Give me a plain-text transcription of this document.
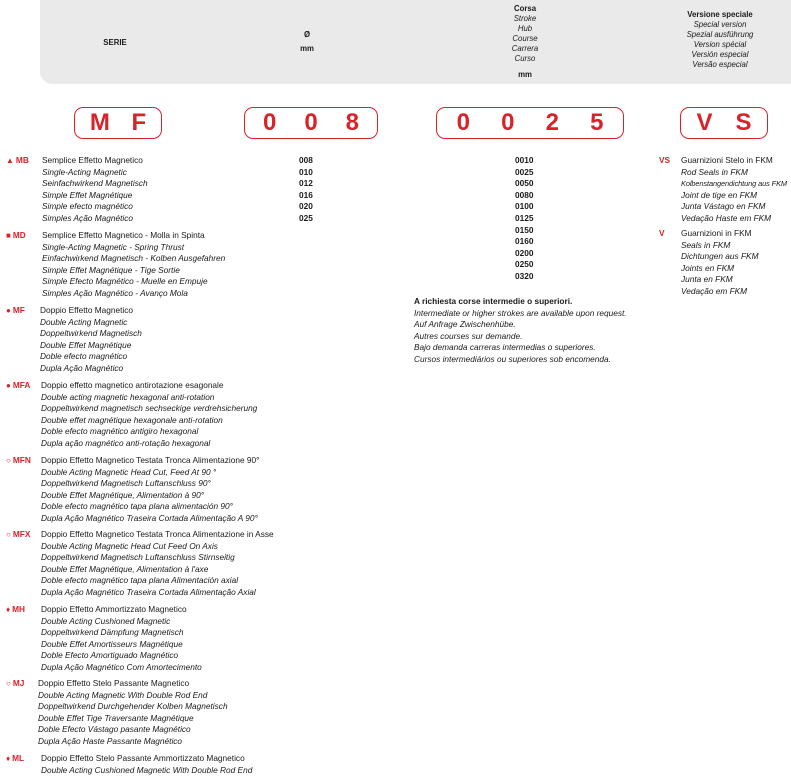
SERIE
Ø
mm
Corsa
Stroke
Hub
Course
Carrera
Curso
mm
Versione speciale
Special version
Spezial ausführung
Version spécial
Versión especial
Versão especial
M F	0 0 8	0 0 2 5	V S
▲ MB Semplice Effetto Magnetico
Single-Acting Magnetic
Seinfachwirkend Magnetisch
Simple Effet Magnétique
Simple efecto magnético
Simples Ação Magnético
■ MD Semplice Effetto Magnetico - Molla in Spinta
Single-Acting Magnetic - Spring Thrust
Einfachwirkend Magnetisch - Kolben Ausgefahren
Simple Effet Magnétique - Tige Sortie
Simple Efecto Magnético - Muelle en Empuje
Simples Ação Magnético - Avanço Mola
● MF Doppio Effetto Magnetico
Double Acting Magnetic
Doppeltwirkend Magnetisch
Double Effet Magnétique
Doble efecto magnético
Dupla Ação Magnético
● MFA Doppio effetto magnetico antirotazione esagonale
Double acting magnetic hexagonal anti-rotation
Doppeltwirkend magnetisch sechseckige verdrehsicherung
Double effet magnétique hexagonale anti-rotation
Doble efecto magnético antigiro hexagonal
Dupla ação magnético anti-rotação hexagonal
○ MFN Doppio Effetto Magnetico Testata Tronca Alimentazione 90°
Double Acting Magnetic Head Cut, Feed At 90 °
Doppeltwirkend Magnetisch Luftanschluss 90°
Double Effet Magnétique, Alimentation à 90°
Doble efecto magnético tapa plana alimentación 90°
Dupla Ação Magnético Traseira Cortada Alimentação A 90°
○ MFX Doppio Effetto Magnetico Testata Tronca Alimentazione in Asse
Double Acting Magnetic Head Cut Feed On Axis
Doppeltwirkend Magnetisch Luftanschluss Stirnseitig
Double Effet Magnétique, Alimentation à l'axe
Doble efecto magnético tapa plana Alimentación axial
Dupla Ação Magnético Traseira Cortada Alimentação Axial
♦ MH Doppio Effetto Ammortizzato Magnetico
Double Acting Cushioned Magnetic
Doppeltwirkend Dämpfung Magnetisch
Double Effet Amortisseurs Magnétique
Doble Efecto Amortiguado Magnético
Dupla Ação Magnético Com Amortecimento
○ MJ Doppio Effetto Stelo Passante Magnetico
Double Acting Magnetic With Double Rod End
Doppeltwirkend Durchgehender Kolben Magnetisch
Double Effet Tige Traversante Magnétique
Doble Efecto Vástago pasante Magnético
Dupla Ação Haste Passante Magnético
♦ ML Doppio Effetto Stelo Passante Ammortizzato Magnetico
Double Acting Cushioned Magnetic With Double Rod End
008
010
012
016
020
025
0010
0025
0050
0080
0100
0125
0150
0160
0200
0250
0320
A richiesta corse intermedie o superiori.
Intermediate or higher strokes are available upon request.
Auf Anfrage Zwischenhübe.
Autres courses sur demande.
Bajo demanda carreras intermedias o superiores.
Cursos intermediários ou superiores sob encomenda.
VS Guarnizioni Stelo in FKM
Rod Seals in FKM
Kolbenstangendichtung aus FKM
Joint de tige en FKM
Junta Vástago en FKM
Vedação Haste em FKM
V Guarnizioni in FKM
Seals in FKM
Dichtungen aus FKM
Joints en FKM
Junta en FKM
Vedação em FKM
